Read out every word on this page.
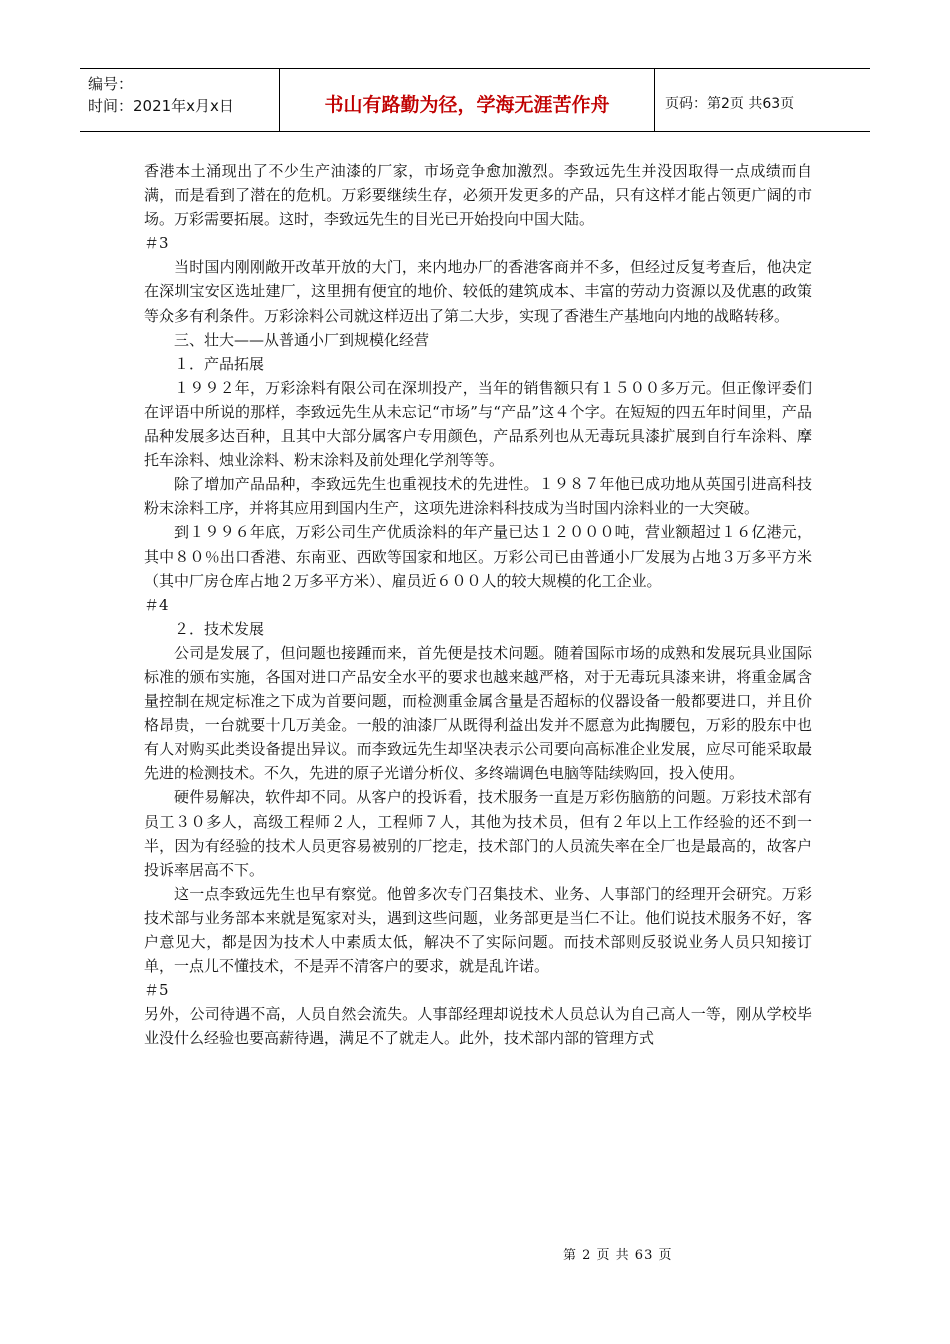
编号：
时间：2021年x月x日	书山有路勤为径，学海无涯苦作舟	页码：第2页 共63页

香港本土涌现出了不少生产油漆的厂家，市场竞争愈加激烈。李致远先生并没因取得一点成绩而自满，而是看到了潜在的危机。万彩要继续生存，必须开发更多的产品，只有这样才能占领更广阔的市场。万彩需要拓展。这时，李致远先生的目光已开始投向中国大陆。

＃3

当时国内刚刚敞开改革开放的大门，来内地办厂的香港客商并不多，但经过反复考查后，他决定在深圳宝安区选址建厂，这里拥有便宜的地价、较低的建筑成本、丰富的劳动力资源以及优惠的政策等众多有利条件。万彩涂料公司就这样迈出了第二大步，实现了香港生产基地向内地的战略转移。

三、壮大——从普通小厂到规模化经营

１．产品拓展

１９９２年，万彩涂料有限公司在深圳投产，当年的销售额只有１５００多万元。但正像评委们在评语中所说的那样，李致远先生从未忘记“市场”与“产品”这４个字。在短短的四五年时间里，产品品种发展多达百种，且其中大部分属客户专用颜色，产品系列也从无毒玩具漆扩展到自行车涂料、摩托车涂料、烛业涂料、粉末涂料及前处理化学剂等等。

除了增加产品品种，李致远先生也重视技术的先进性。１９８７年他已成功地从英国引进高科技粉末涂料工序，并将其应用到国内生产，这项先进涂料科技成为当时国内涂料业的一大突破。

到１９９６年底，万彩公司生产优质涂料的年产量已达１２０００吨，营业额超过１６亿港元，其中８０％出口香港、东南亚、西欧等国家和地区。万彩公司已由普通小厂发展为占地３万多平方米（其中厂房仓库占地２万多平方米）、雇员近６００人的较大规模的化工企业。

＃4

２．技术发展

公司是发展了，但问题也接踵而来，首先便是技术问题。随着国际市场的成熟和发展玩具业国际标准的颁布实施，各国对进口产品安全水平的要求也越来越严格，对于无毒玩具漆来讲，将重金属含量控制在规定标准之下成为首要问题，而检测重金属含量是否超标的仪器设备一般都要进口，并且价格昂贵，一台就要十几万美金。一般的油漆厂从既得利益出发并不愿意为此掏腰包，万彩的股东中也有人对购买此类设备提出异议。而李致远先生却坚决表示公司要向高标准企业发展，应尽可能采取最先进的检测技术。不久，先进的原子光谱分析仪、多终端调色电脑等陆续购回，投入使用。

硬件易解决，软件却不同。从客户的投诉看，技术服务一直是万彩伤脑筋的问题。万彩技术部有员工３０多人，高级工程师２人，工程师７人，其他为技术员，但有２年以上工作经验的还不到一半，因为有经验的技术人员更容易被别的厂挖走，技术部门的人员流失率在全厂也是最高的，故客户投诉率居高不下。

这一点李致远先生也早有察觉。他曾多次专门召集技术、业务、人事部门的经理开会研究。万彩技术部与业务部本来就是冤家对头，遇到这些问题，业务部更是当仁不让。他们说技术服务不好，客户意见大，都是因为技术人中素质太低，解决不了实际问题。而技术部则反驳说业务人员只知接订单，一点儿不懂技术，不是弄不清客户的要求，就是乱许诺。

＃5

另外，公司待遇不高，人员自然会流失。人事部经理却说技术人员总认为自己高人一等，刚从学校毕业没什么经验也要高薪待遇，满足不了就走人。此外，技术部内部的管理方式

第 2 页 共 63 页
